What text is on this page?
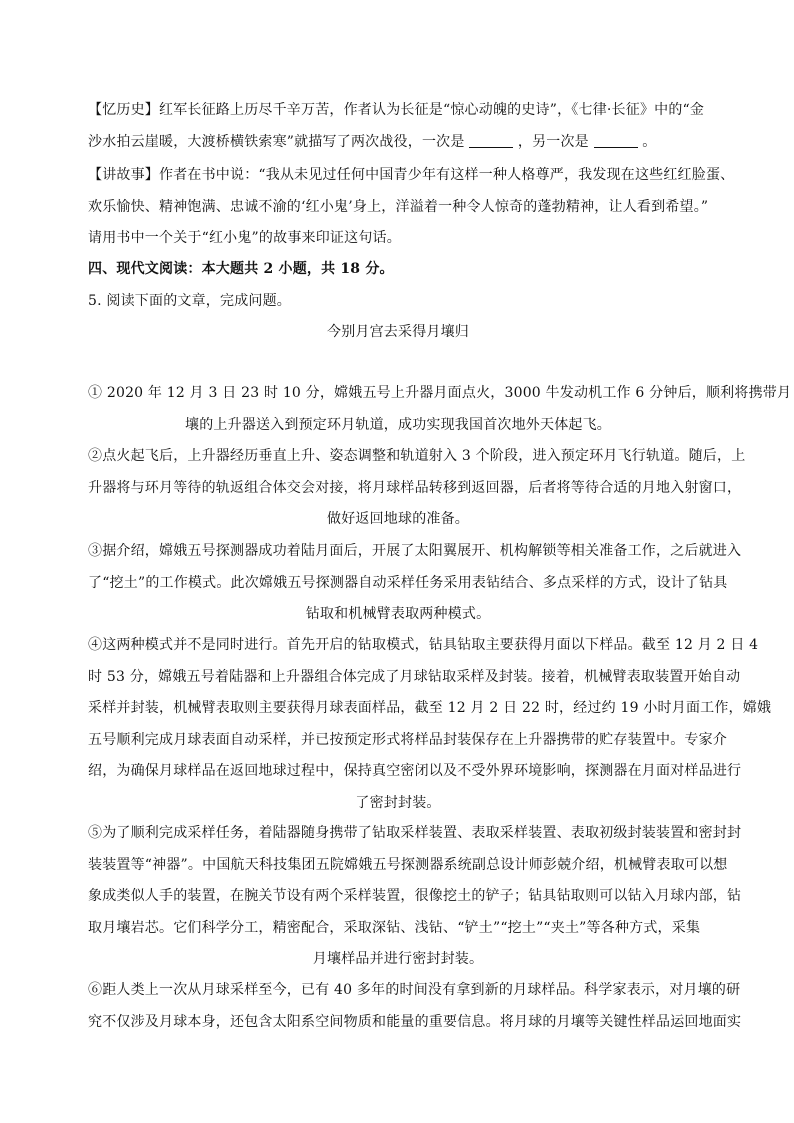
【忆历史】红军长征路上历尽千辛万苦，作者认为长征是“惊心动魄的史诗”，《七律·长征》中的“金
沙水拍云崖暖，大渡桥横铁索寒”就描写了两次战役，一次是	，另一次是	。
【讲故事】作者在书中说：“我从未见过任何中国青少年有这样一种人格尊严，我发现在这些红红脸蛋、
欢乐愉快、精神饱满、忠诚不渝的‘红小鬼’身上，洋溢着一种令人惊奇的蓬勃精神，让人看到希望。”
请用书中一个关于“红小鬼”的故事来印证这句话。
四、现代文阅读：本大题共 2 小题，共 18 分。
5. 阅读下面的文章，完成问题。
今别月宫去采得月壤归
① 2020 年 12 月 3 日 23 时 10 分，嫦娥五号上升器月面点火，3000 牛发动机工作 6 分钟后，顺利将携带月
壤的上升器送入到预定环月轨道，成功实现我国首次地外天体起飞。
②点火起飞后，上升器经历垂直上升、姿态调整和轨道射入 3 个阶段，进入预定环月飞行轨道。随后，上
升器将与环月等待的轨返组合体交会对接，将月球样品转移到返回器，后者将等待合适的月地入射窗口，
做好返回地球的准备。
③据介绍，嫦娥五号探测器成功着陆月面后，开展了太阳翼展开、机构解锁等相关准备工作，之后就进入
了“挖土”的工作模式。此次嫦娥五号探测器自动采样任务采用表钻结合、多点采样的方式，设计了钻具
钻取和机械臂表取两种模式。
④这两种模式并不是同时进行。首先开启的钻取模式，钻具钻取主要获得月面以下样品。截至 12 月 2 日 4
时 53 分，嫦娥五号着陆器和上升器组合体完成了月球钻取采样及封装。接着，机械臂表取装置开始自动
采样并封装，机械臂表取则主要获得月球表面样品，截至 12 月 2 日 22 时，经过约 19 小时月面工作，嫦娥
五号顺利完成月球表面自动采样，并已按预定形式将样品封装保存在上升器携带的贮存装置中。专家介
绍，为确保月球样品在返回地球过程中，保持真空密闭以及不受外界环境影响，探测器在月面对样品进行
了密封封装。
⑤为了顺利完成采样任务，着陆器随身携带了钻取采样装置、表取采样装置、表取初级封装装置和密封封
装装置等“神器”。中国航天科技集团五院嫦娥五号探测器系统副总设计师彭兢介绍，机械臂表取可以想
象成类似人手的装置，在腕关节设有两个采样装置，很像挖土的铲子；钻具钻取则可以钻入月球内部，钻
取月壤岩芯。它们科学分工，精密配合，采取深钻、浅钻、“铲土”“挖土”“夹土”等各种方式，采集
月壤样品并进行密封封装。
⑥距人类上一次从月球采样至今，已有 40 多年的时间没有拿到新的月球样品。科学家表示，对月壤的研
究不仅涉及月球本身，还包含太阳系空间物质和能量的重要信息。将月球的月壤等关键性样品运回地面实
